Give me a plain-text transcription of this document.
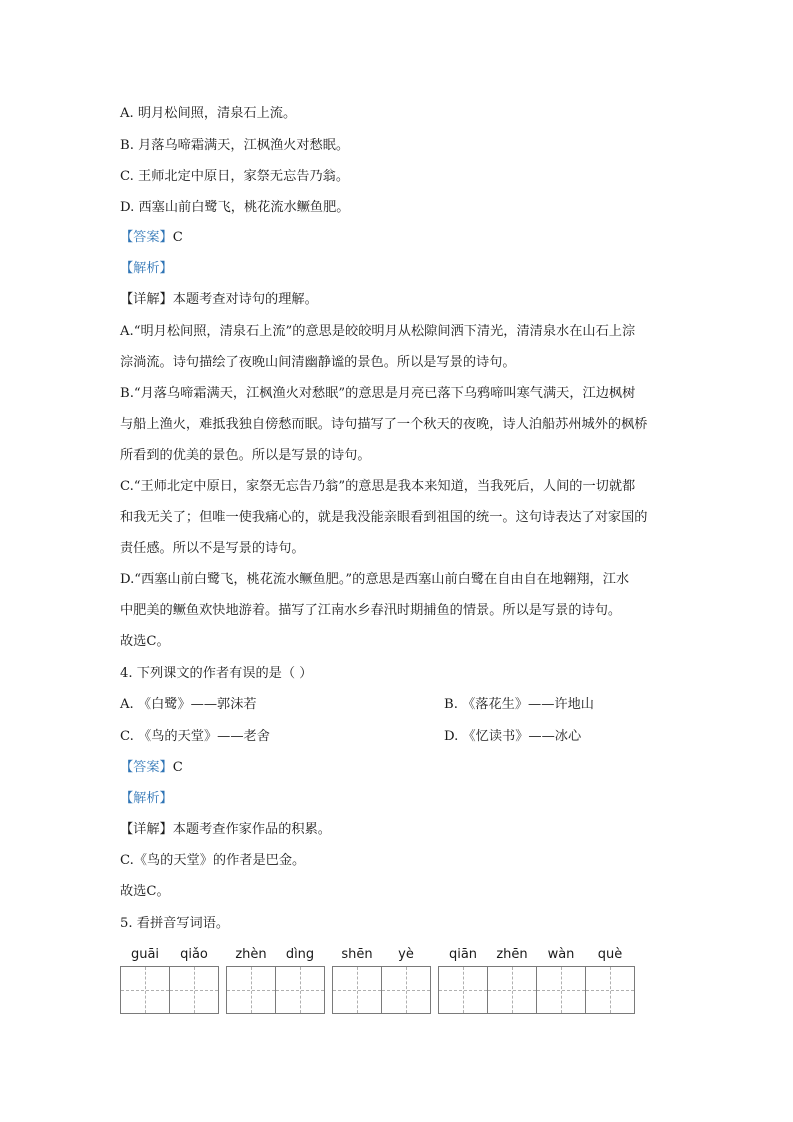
A. 明月松间照，清泉石上流。
B. 月落乌啼霜满天，江枫渔火对愁眠。
C. 王师北定中原日，家祭无忘告乃翁。
D. 西塞山前白鹭飞，桃花流水鳜鱼肥。
【答案】C
【解析】
【详解】本题考查对诗句的理解。
A.“明月松间照，清泉石上流”的意思是皎皎明月从松隙间洒下清光，清清泉水在山石上淙
淙淌流。诗句描绘了夜晚山间清幽静谧的景色。所以是写景的诗句。
B.“月落乌啼霜满天，江枫渔火对愁眠”的意思是月亮已落下乌鸦啼叫寒气满天，江边枫树
与船上渔火，难抵我独自傍愁而眠。诗句描写了一个秋天的夜晚，诗人泊船苏州城外的枫桥
所看到的优美的景色。所以是写景的诗句。
C.“王师北定中原日，家祭无忘告乃翁”的意思是我本来知道，当我死后，人间的一切就都
和我无关了；但唯一使我痛心的，就是我没能亲眼看到祖国的统一。这句诗表达了对家国的
责任感。所以不是写景的诗句。
D.“西塞山前白鹭飞，桃花流水鳜鱼肥。”的意思是西塞山前白鹭在自由自在地翱翔，江水
中肥美的鳜鱼欢快地游着。描写了江南水乡春汛时期捕鱼的情景。所以是写景的诗句。
故选C。
4. 下列课文的作者有误的是（ ）
A. 《白鹭》——郭沫若	B. 《落花生》——许地山
C. 《鸟的天堂》——老舍	D. 《忆读书》——冰心
【答案】C
【解析】
【详解】本题考查作家作品的积累。
C.《鸟的天堂》的作者是巴金。
故选C。
5. 看拼音写词语。
guāi	qiǎo	zhèn	dìng	shēn	yè	qiān	zhēn	wàn	què
